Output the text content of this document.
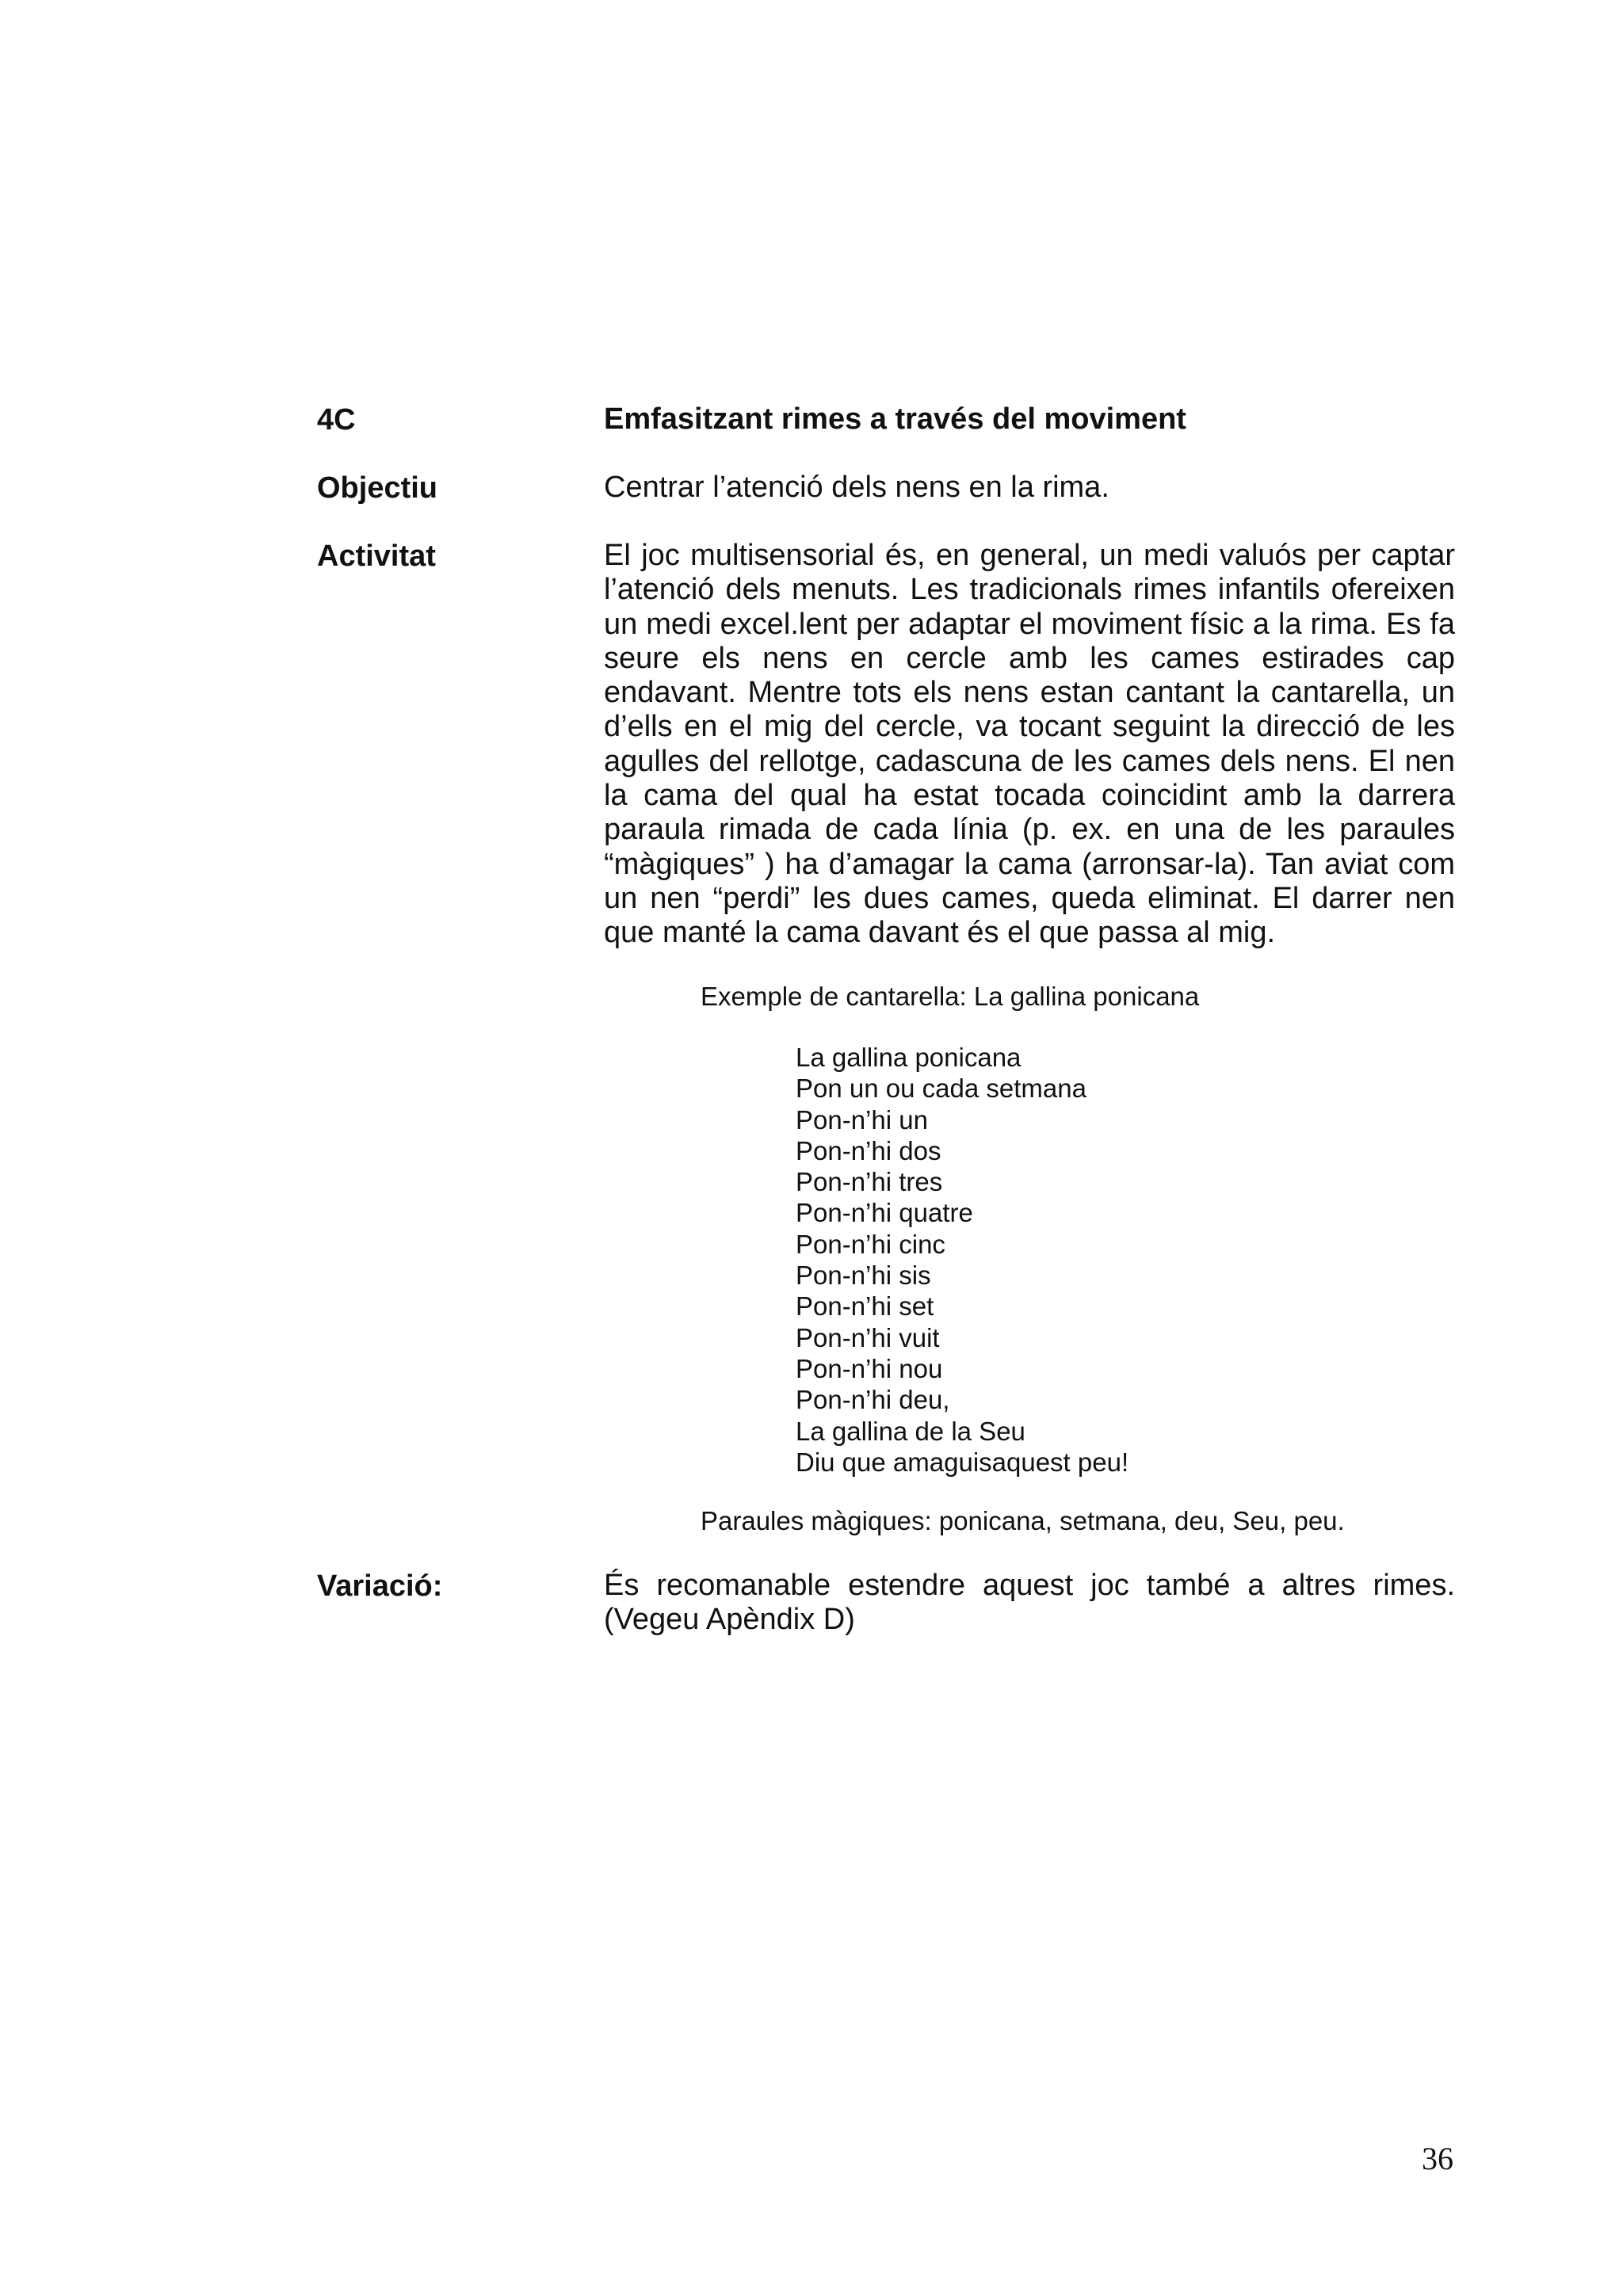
4C	Emfasitzant rimes a través del moviment
Objectiu	Centrar l’atenció dels nens en la rima.
Activitat	El joc multisensorial és, en general, un medi valuós per captar l’atenció dels menuts. Les tradicionals rimes infantils ofereixen un medi excel.lent per adaptar el moviment físic a la rima. Es fa seure els nens en cercle amb les cames estirades cap endavant. Mentre tots els nens estan cantant la cantarella, un d’ells en el mig del cercle, va tocant seguint la direcció de les agulles del rellotge, cadascuna de les cames dels nens. El nen la cama del qual ha estat tocada coincidint amb la darrera paraula rimada de cada línia (p. ex. en una de les paraules “màgiques” ) ha d’amagar la cama (arronsar-la). Tan aviat com un nen “perdi” les dues cames, queda eliminat. El darrer nen que manté la cama davant és el que passa al mig.
Exemple de cantarella: La gallina ponicana
La gallina ponicana
Pon un ou cada setmana
Pon-n’hi un
Pon-n’hi dos
Pon-n’hi tres
Pon-n’hi quatre
Pon-n’hi cinc
Pon-n’hi sis
Pon-n’hi set
Pon-n’hi vuit
Pon-n’hi nou
Pon-n’hi deu,
La gallina de la Seu
Diu que amaguisaquest peu!
Paraules màgiques: ponicana, setmana, deu, Seu, peu.
Variació:	És recomanable estendre aquest joc també a altres rimes. (Vegeu Apèndix D)
36
